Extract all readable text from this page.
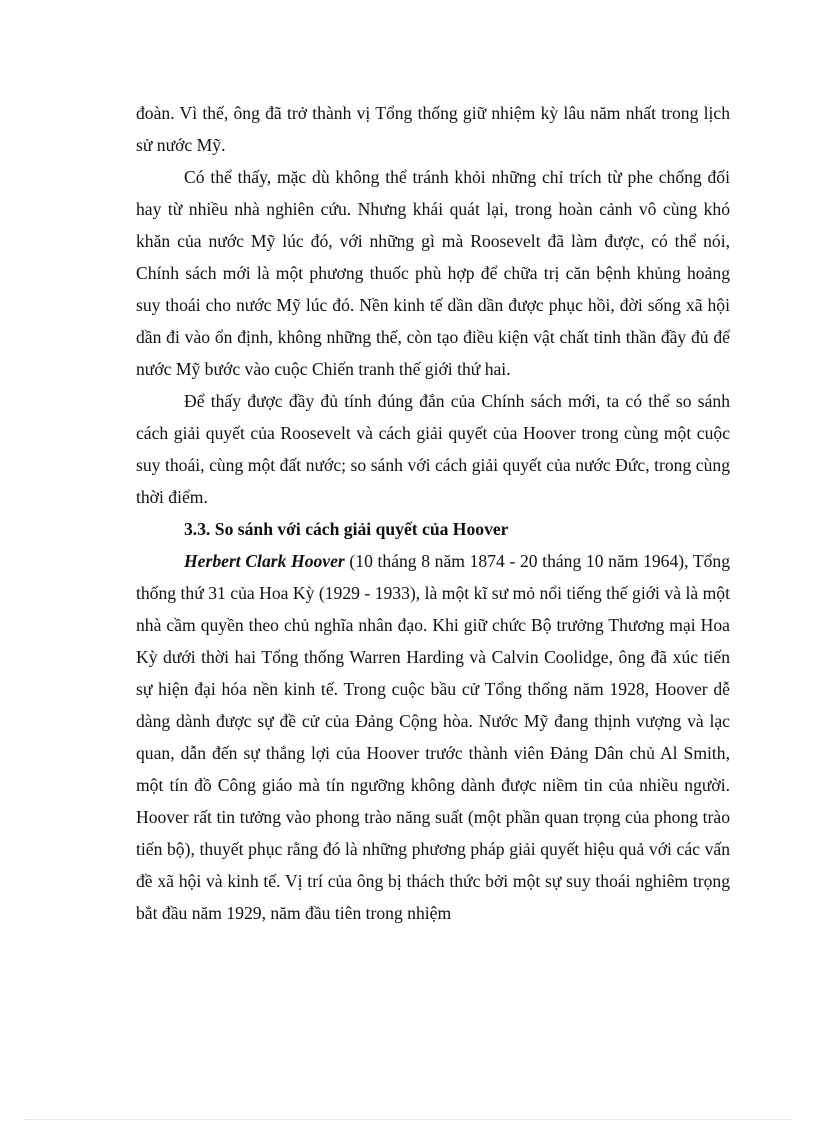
đoàn. Vì thế, ông đã trở thành vị Tổng thống giữ nhiệm kỳ lâu năm nhất trong lịch sử nước Mỹ.

Có thể thấy, mặc dù không thể tránh khỏi những chỉ trích từ phe chống đối hay từ nhiều nhà nghiên cứu. Nhưng khái quát lại, trong hoàn cảnh vô cùng khó khăn của nước Mỹ lúc đó, với những gì mà Roosevelt đã làm được, có thể nói, Chính sách mới là một phương thuốc phù hợp để chữa trị căn bệnh khủng hoảng suy thoái cho nước Mỹ lúc đó. Nền kinh tế dần dần được phục hồi, đời sống xã hội dần đi vào ổn định, không những thế, còn tạo điều kiện vật chất tinh thần đầy đủ để nước Mỹ bước vào cuộc Chiến tranh thế giới thứ hai.

Để thấy được đầy đủ tính đúng đắn của Chính sách mới, ta có thể so sánh cách giải quyết của Roosevelt và cách giải quyết của Hoover trong cùng một cuộc suy thoái, cùng một đất nước; so sánh với cách giải quyết của nước Đức, trong cùng thời điểm.

3.3. So sánh với cách giải quyết của Hoover

Herbert Clark Hoover (10 tháng 8 năm 1874 - 20 tháng 10 năm 1964), Tổng thống thứ 31 của Hoa Kỳ (1929 - 1933), là một kĩ sư mỏ nổi tiếng thế giới và là một nhà cầm quyền theo chủ nghĩa nhân đạo. Khi giữ chức Bộ trưởng Thương mại Hoa Kỳ dưới thời hai Tổng thống Warren Harding và Calvin Coolidge, ông đã xúc tiến sự hiện đại hóa nền kinh tế. Trong cuộc bầu cử Tổng thống năm 1928, Hoover dễ dàng dành được sự đề cử của Đảng Cộng hòa. Nước Mỹ đang thịnh vượng và lạc quan, dẫn đến sự thắng lợi của Hoover trước thành viên Đảng Dân chủ Al Smith, một tín đồ Công giáo mà tín ngưỡng không dành được niềm tin của nhiều người. Hoover rất tin tưởng vào phong trào năng suất (một phần quan trọng của phong trào tiến bộ), thuyết phục rằng đó là những phương pháp giải quyết hiệu quả với các vấn đề xã hội và kinh tế. Vị trí của ông bị thách thức bởi một sự suy thoái nghiêm trọng bắt đầu năm 1929, năm đầu tiên trong nhiệm
